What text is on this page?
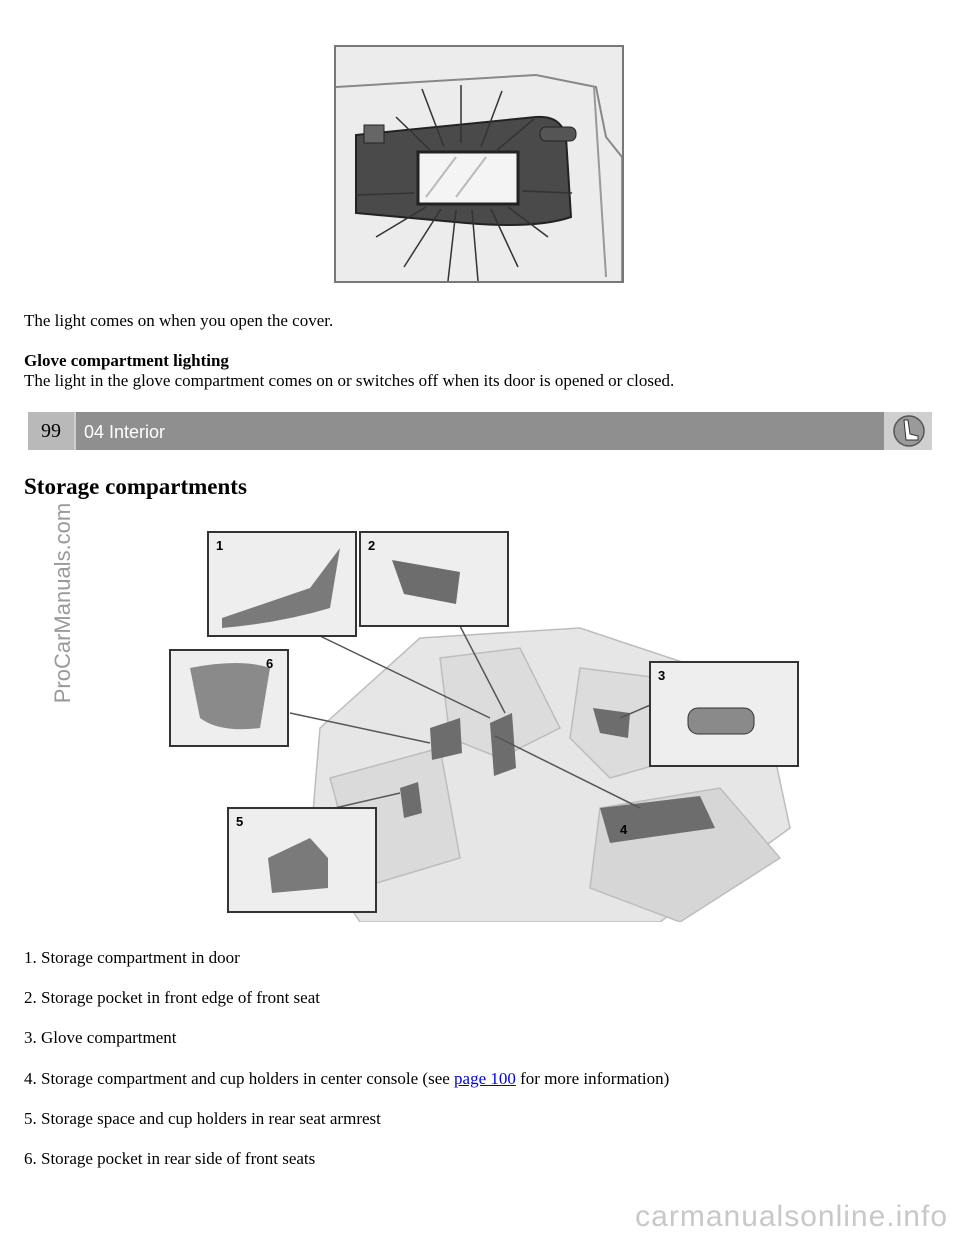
The light comes on when you open the cover.
Glove compartment lighting
The light in the glove compartment comes on or switches off when its door is opened or closed.
99	04 Interior
Storage compartments
1	2
3
4
5
6
1. Storage compartment in door
2. Storage pocket in front edge of front seat
3. Glove compartment
4. Storage compartment and cup holders in center console (see page 100 for more information)
5. Storage space and cup holders in rear seat armrest
6. Storage pocket in rear side of front seats
ProCarManuals.com
carmanualsonline.info
